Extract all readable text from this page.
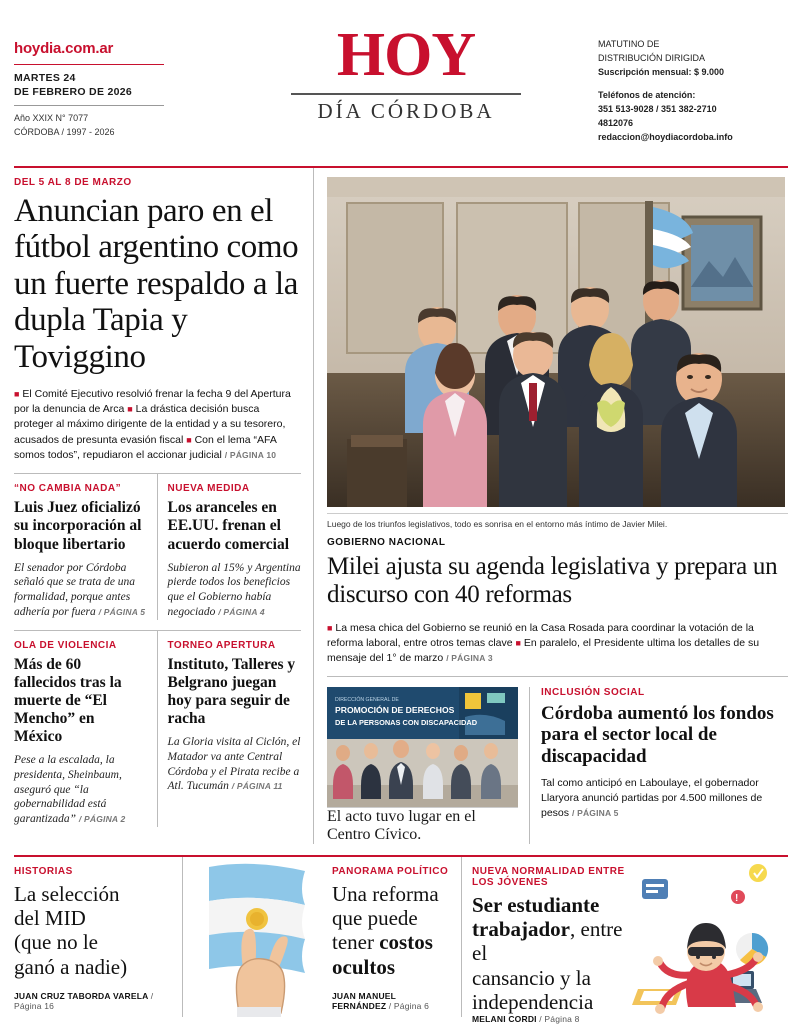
hoydia.com.ar
MARTES 24
DE FEBRERO DE 2026
Año XXIX N° 7077
CÓRDOBA / 1997 - 2026
HOY
DÍA CÓRDOBA
MATUTINO DE
DISTRIBUCIÓN DIRIGIDA
Suscripción mensual: $ 9.000
Teléfonos de atención:
351 513-9028 / 351 382-2710
4812076
redaccion@hoydiacordoba.info
DEL 5 AL 8 DE MARZO
Anuncian paro en el fútbol argentino como un fuerte respaldo a la dupla Tapia y Toviggino
■ El Comité Ejecutivo resolvió frenar la fecha 9 del Apertura por la denuncia de Arca ■ La drástica decisión busca proteger al máximo dirigente de la entidad y a su tesorero, acusados de presunta evasión fiscal ■ Con el lema “AFA somos todos”, repudiaron el accionar judicial / PÁGINA 10
“NO CAMBIA NADA”
Luis Juez oficializó su incorporación al bloque libertario

El senador por Córdoba señaló que se trata de una formalidad, porque antes adhería por fuera / PÁGINA 5

NUEVA MEDIDA
Los aranceles en EE.UU. frenan el acuerdo comercial

Subieron al 15% y Argentina pierde todos los beneficios que el Gobierno había negociado / PÁGINA 4

OLA DE VIOLENCIA
Más de 60 fallecidos tras la muerte de “El Mencho” en México

Pese a la escalada, la presidenta, Sheinbaum, aseguró que “la gobernabilidad está garantizada” / PÁGINA 2

TORNEO APERTURA
Instituto, Talleres y Belgrano juegan hoy para seguir de racha

La Gloria visita al Ciclón, el Matador va ante Central Córdoba y el Pirata recibe a Atl. Tucumán / PÁGINA 11

Luego de los triunfos legislativos, todo es sonrisa en el entorno más íntimo de Javier Milei.
GOBIERNO NACIONAL
Milei ajusta su agenda legislativa y prepara un discurso con 40 reformas
■ La mesa chica del Gobierno se reunió en la Casa Rosada para coordinar la votación de la reforma laboral, entre otros temas clave ■ En paralelo, el Presidente ultima los detalles de su mensaje del 1° de marzo / PÁGINA 3
DIRECCIÓN GENERAL DE
PROMOCIÓN DE DERECHOS
DE LA PERSONAS CON DISCAPACIDAD
El acto tuvo lugar en el Centro Cívico.
INCLUSIÓN SOCIAL
Córdoba aumentó los fondos para el sector local de discapacidad

Tal como anticipó en Laboulaye, el gobernador Llaryora anunció partidas por 4.500 millones de pesos / PÁGINA 5

HISTORIAS
La selección
del MID
(que no le
ganó a nadie)
JUAN CRUZ TABORDA VARELA / Página 16
PANORAMA POLÍTICO
Una reforma
que puede
tener costos
ocultos
JUAN MANUEL FERNÁNDEZ / Página 6
NUEVA NORMALIDAD ENTRE LOS JÓVENES
Ser estudiante trabajador, entre el
cansancio y la
independencia
MELANI CORDI / Página 8
!
